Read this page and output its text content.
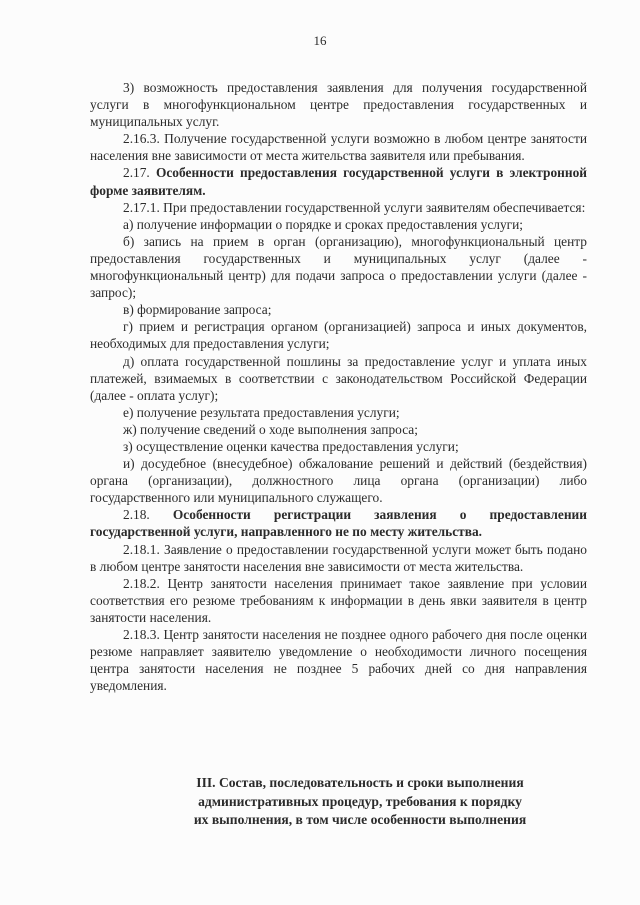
16

3) возможность предоставления заявления для получения государственной услуги в многофункциональном центре предоставления государственных и муниципальных услуг.

2.16.3. Получение государственной услуги возможно в любом центре занятости населения вне зависимости от места жительства заявителя или пребывания.

2.17. Особенности предоставления государственной услуги в электронной форме заявителям.

2.17.1. При предоставлении государственной услуги заявителям обеспечивается:

а) получение информации о порядке и сроках предоставления услуги;

б) запись на прием в орган (организацию), многофункциональный центр предоставления государственных и муниципальных услуг (далее - многофункциональный центр) для подачи запроса о предоставлении услуги (далее - запрос);

в) формирование запроса;

г) прием и регистрация органом (организацией) запроса и иных документов, необходимых для предоставления услуги;

д) оплата государственной пошлины за предоставление услуг и уплата иных платежей, взимаемых в соответствии с законодательством Российской Федерации (далее - оплата услуг);

е) получение результата предоставления услуги;

ж) получение сведений о ходе выполнения запроса;

з) осуществление оценки качества предоставления услуги;

и) досудебное (внесудебное) обжалование решений и действий (бездействия) органа (организации), должностного лица органа (организации) либо государственного или муниципального служащего.

2.18. Особенности регистрации заявления о предоставлении государственной услуги, направленного не по месту жительства.

2.18.1. Заявление о предоставлении государственной услуги может быть подано в любом центре занятости населения вне зависимости от места жительства.

2.18.2. Центр занятости населения принимает такое заявление при условии соответствия его резюме требованиям к информации в день явки заявителя в центр занятости населения.

2.18.3. Центр занятости населения не позднее одного рабочего дня после оценки резюме направляет заявителю уведомление о необходимости личного посещения центра занятости населения не позднее 5 рабочих дней со дня направления уведомления.

III. Состав, последовательность и сроки выполнения
административных процедур, требования к порядку
их выполнения, в том числе особенности выполнения
